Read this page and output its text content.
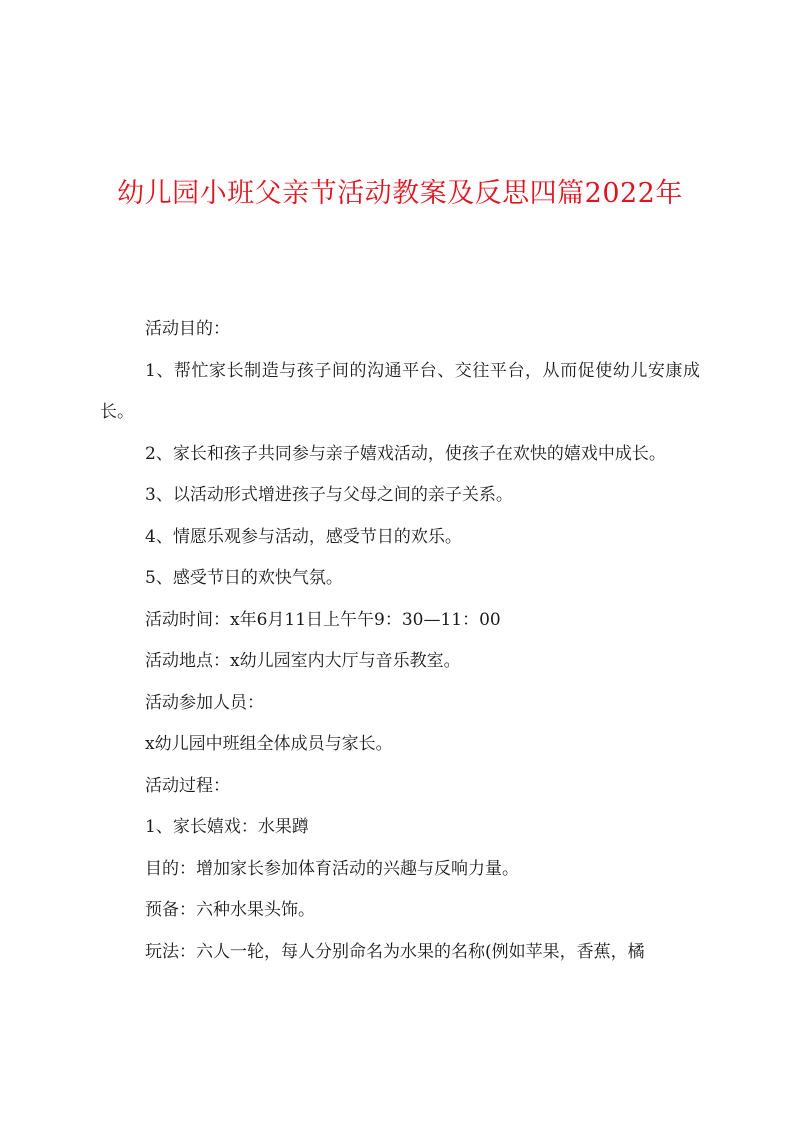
幼儿园小班父亲节活动教案及反思四篇2022年

活动目的：

1、帮忙家长制造与孩子间的沟通平台、交往平台，从而促使幼儿安康成长。

2、家长和孩子共同参与亲子嬉戏活动，使孩子在欢快的嬉戏中成长。

3、以活动形式增进孩子与父母之间的亲子关系。

4、情愿乐观参与活动，感受节日的欢乐。

5、感受节日的欢快气氛。

活动时间：x年6月11日上午午9：30—11：00

活动地点：x幼儿园室内大厅与音乐教室。

活动参加人员：

x幼儿园中班组全体成员与家长。

活动过程：

1、家长嬉戏：水果蹲

目的：增加家长参加体育活动的兴趣与反响力量。

预备：六种水果头饰。

玩法：六人一轮，每人分别命名为水果的名称(例如苹果，香蕉，橘
